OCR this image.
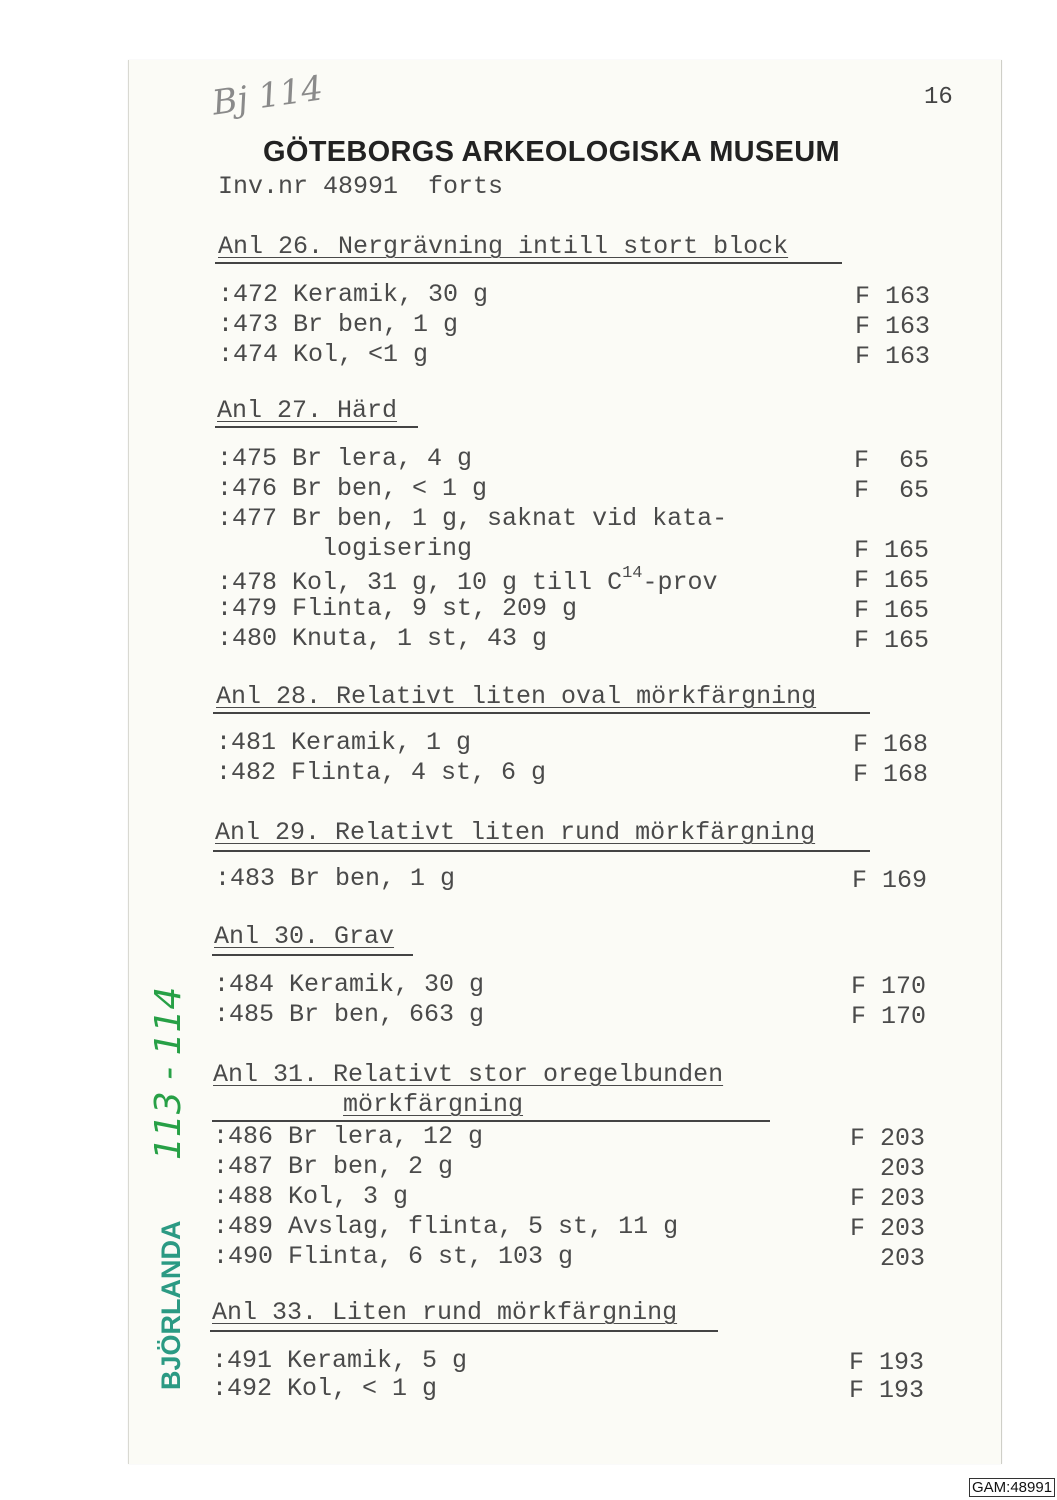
Bj 114	16
GÖTEBORGS ARKEOLOGISKA MUSEUM
Inv.nr 48991  forts
Anl 26. Nergrävning intill stort block
:472 Keramik, 30 g	F 163
:473 Br ben, 1 g	F 163
:474 Kol, <1 g	F 163
Anl 27. Härd
:475 Br lera, 4 g	F  65
:476 Br ben, < 1 g	F  65
:477 Br ben, 1 g, saknat vid kata-
logisering	F 165
:478 Kol, 31 g, 10 g till $C^{14}$-prov	F 165
:479 Flinta, 9 st, 209 g	F 165
:480 Knuta, 1 st, 43 g	F 165
Anl 28. Relativt liten oval mörkfärgning
:481 Keramik, 1 g	F 168
:482 Flinta, 4 st, 6 g	F 168
Anl 29. Relativt liten rund mörkfärgning
:483 Br ben, 1 g	F 169
Anl 30. Grav
:484 Keramik, 30 g	F 170
:485 Br ben, 663 g	F 170
Anl 31. Relativt stor oregelbunden
mörkfärgning
:486 Br lera, 12 g	F 203
:487 Br ben, 2 g	203
:488 Kol, 3 g	F 203
:489 Avslag, flinta, 5 st, 11 g	F 203
:490 Flinta, 6 st, 103 g	203
Anl 33. Liten rund mörkfärgning
:491 Keramik, 5 g	F 193
:492 Kol, < 1 g	F 193
113 - 114
BJÖRLANDA
GAM:48991
